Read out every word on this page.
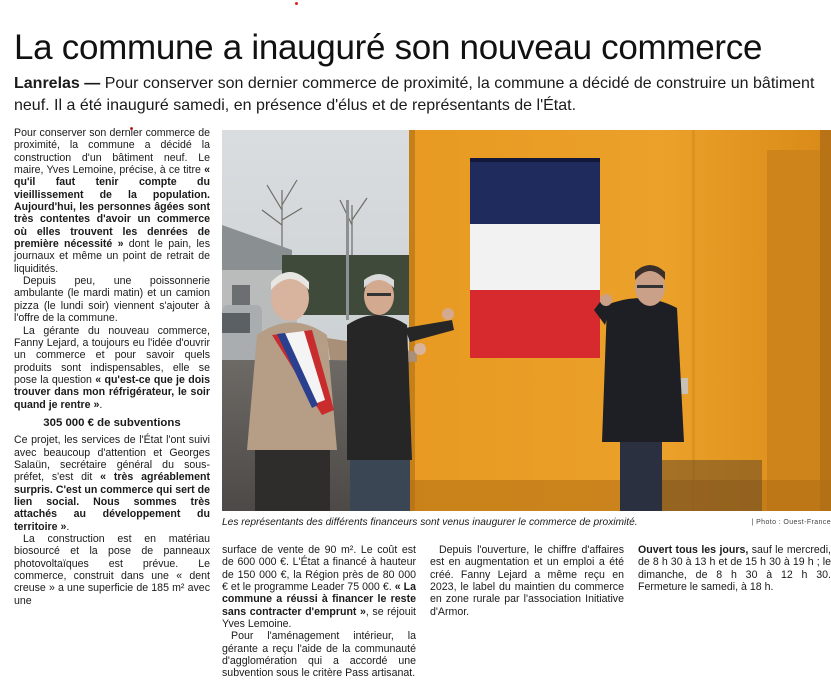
La commune a inauguré son nouveau commerce

Lanrelas — Pour conserver son dernier commerce de proximité, la commune a décidé de construire un bâtiment neuf. Il a été inauguré samedi, en présence d'élus et de représentants de l'État.

Pour conserver son dernier commerce de proximité, la commune a décidé la construction d'un bâtiment neuf. Le maire, Yves Lemoine, précise, à ce titre « qu'il faut tenir compte du vieillissement de la population. Aujourd'hui, les personnes âgées sont très contentes d'avoir un commerce où elles trouvent les denrées de première nécessité » dont le pain, les journaux et même un point de retrait de liquidités.

Depuis peu, une poissonnerie ambulante (le mardi matin) et un camion pizza (le lundi soir) viennent s'ajouter à l'offre de la commune.

La gérante du nouveau commerce, Fanny Lejard, a toujours eu l'idée d'ouvrir un commerce et pour savoir quels produits sont indispensables, elle se pose la question « qu'est-ce que je dois trouver dans mon réfrigérateur, le soir quand je rentre ».

305 000 € de subventions

Ce projet, les services de l'État l'ont suivi avec beaucoup d'attention et Georges Salaün, secrétaire général du sous-préfet, s'est dit « très agréablement surpris. C'est un commerce qui sert de lien social. Nous sommes très attachés au développement du territoire ».

La construction est en matériau biosourcé et la pose de panneaux photovoltaïques est prévue. Le commerce, construit dans une « dent creuse » a une superficie de 185 m² avec une

Les représentants des différents financeurs sont venus inaugurer le commerce de proximité.	| Photo : Ouest-France

surface de vente de 90 m². Le coût est de 600 000 €. L'État a financé à hauteur de 150 000 €, la Région près de 80 000 € et le programme Leader 75 000 €. « La commune a réussi à financer le reste sans contracter d'emprunt », se réjouit Yves Lemoine.

Pour l'aménagement intérieur, la gérante a reçu l'aide de la communauté d'agglomération qui a accordé une subvention sous le critère Pass artisanat.

Depuis l'ouverture, le chiffre d'affaires est en augmentation et un emploi a été créé. Fanny Lejard a même reçu en 2023, le label du maintien du commerce en zone rurale par l'association Initiative d'Armor.

Ouvert tous les jours, sauf le mercredi, de 8 h 30 à 13 h et de 15 h 30 à 19 h ; le dimanche, de 8 h 30 à 12 h 30. Fermeture le samedi, à 18 h.
